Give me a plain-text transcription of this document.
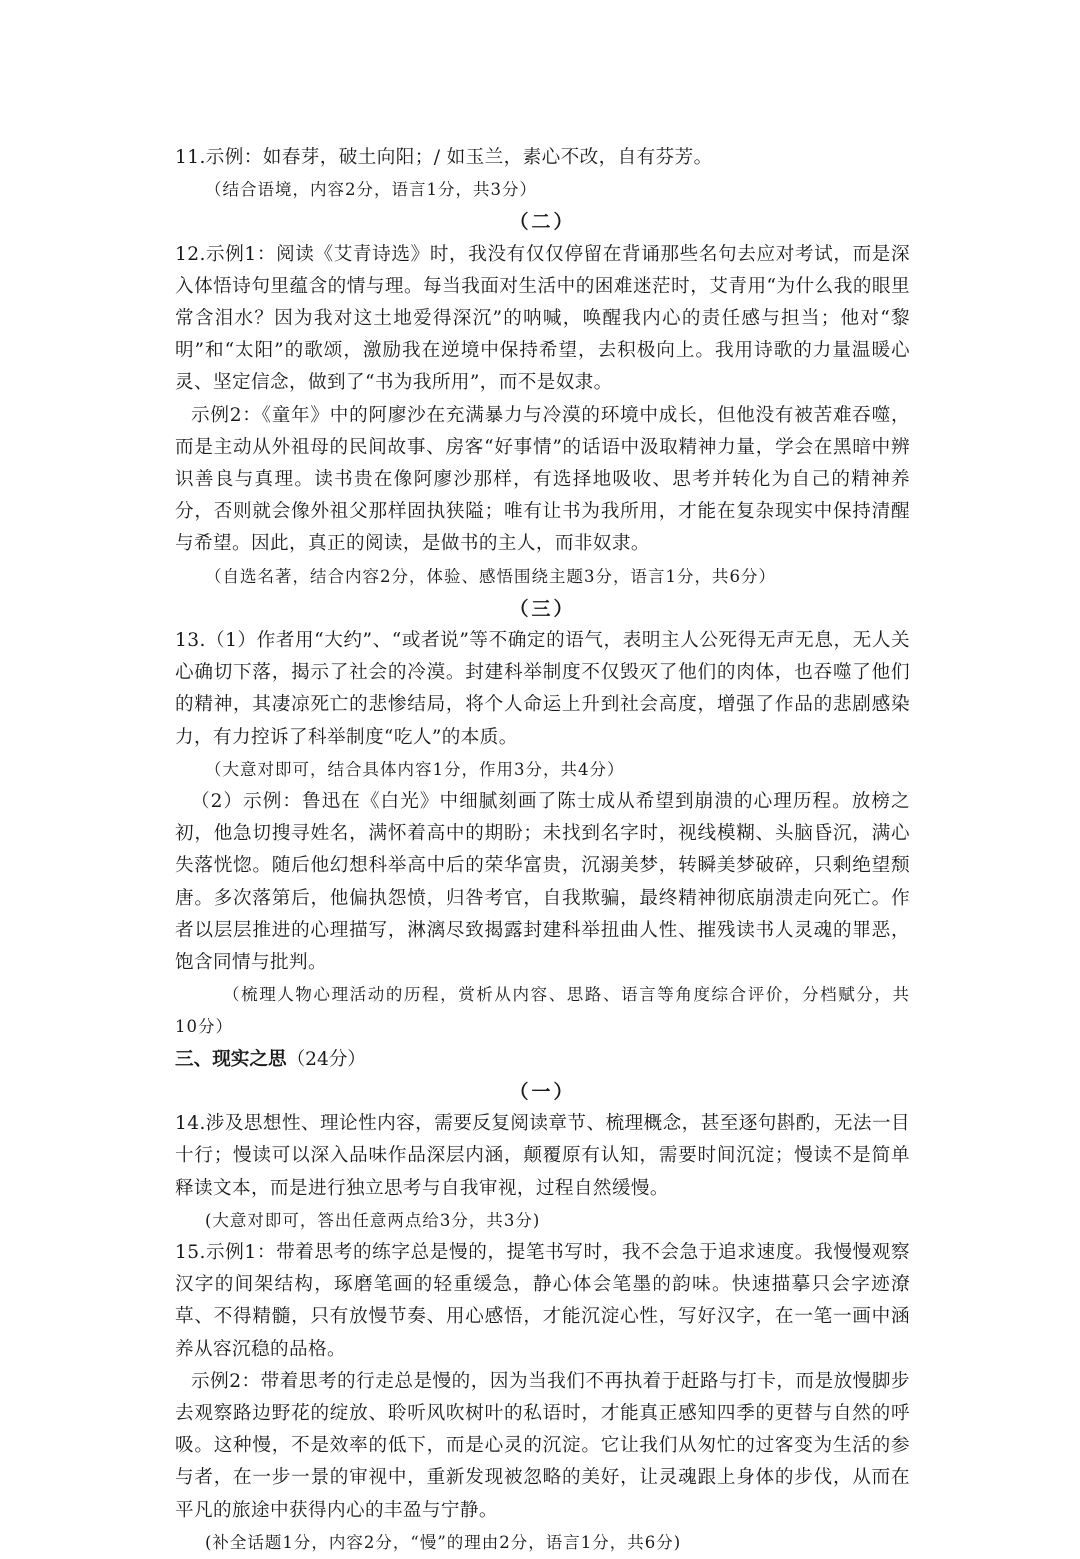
11.示例：如春芽，破土向阳；/ 如玉兰，素心不改，自有芬芳。

（结合语境，内容2分，语言1分，共3分）

（二）

12.示例1：阅读《艾青诗选》时，我没有仅仅停留在背诵那些名句去应对考试，而是深入体悟诗句里蕴含的情与理。每当我面对生活中的困难迷茫时，艾青用“为什么我的眼里常含泪水？因为我对这土地爱得深沉”的呐喊，唤醒我内心的责任感与担当；他对“黎明”和“太阳”的歌颂，激励我在逆境中保持希望，去积极向上。我用诗歌的力量温暖心灵、坚定信念，做到了“书为我所用”，而不是奴隶。

示例2：《童年》中的阿廖沙在充满暴力与冷漠的环境中成长，但他没有被苦难吞噬，而是主动从外祖母的民间故事、房客“好事情”的话语中汲取精神力量，学会在黑暗中辨识善良与真理。读书贵在像阿廖沙那样，有选择地吸收、思考并转化为自己的精神养分，否则就会像外祖父那样固执狭隘；唯有让书为我所用，才能在复杂现实中保持清醒与希望。因此，真正的阅读，是做书的主人，而非奴隶。

（自选名著，结合内容2分，体验、感悟围绕主题3分，语言1分，共6分）

（三）

13.（1）作者用“大约”、“或者说”等不确定的语气，表明主人公死得无声无息，无人关心确切下落，揭示了社会的冷漠。封建科举制度不仅毁灭了他们的肉体，也吞噬了他们的精神，其凄凉死亡的悲惨结局，将个人命运上升到社会高度，增强了作品的悲剧感染力，有力控诉了科举制度“吃人”的本质。

（大意对即可，结合具体内容1分，作用3分，共4分）

（2）示例：鲁迅在《白光》中细腻刻画了陈士成从希望到崩溃的心理历程。放榜之初，他急切搜寻姓名，满怀着高中的期盼；未找到名字时，视线模糊、头脑昏沉，满心失落恍惚。随后他幻想科举高中后的荣华富贵，沉溺美梦，转瞬美梦破碎，只剩绝望颓唐。多次落第后，他偏执怨愤，归咎考官，自我欺骗，最终精神彻底崩溃走向死亡。作者以层层推进的心理描写，淋漓尽致揭露封建科举扭曲人性、摧残读书人灵魂的罪恶，饱含同情与批判。

（梳理人物心理活动的历程，赏析从内容、思路、语言等角度综合评价，分档赋分，共10分）

三、现实之思（24分）

（一）

14.涉及思想性、理论性内容，需要反复阅读章节、梳理概念，甚至逐句斟酌，无法一目十行；慢读可以深入品味作品深层内涵，颠覆原有认知，需要时间沉淀；慢读不是简单释读文本，而是进行独立思考与自我审视，过程自然缓慢。

(大意对即可，答出任意两点给3分，共3分)

15.示例1：带着思考的练字总是慢的，提笔书写时，我不会急于追求速度。我慢慢观察汉字的间架结构，琢磨笔画的轻重缓急，静心体会笔墨的韵味。快速描摹只会字迹潦草、不得精髓，只有放慢节奏、用心感悟，才能沉淀心性，写好汉字，在一笔一画中涵养从容沉稳的品格。

示例2：带着思考的行走总是慢的，因为当我们不再执着于赶路与打卡，而是放慢脚步去观察路边野花的绽放、聆听风吹树叶的私语时，才能真正感知四季的更替与自然的呼吸。这种慢，不是效率的低下，而是心灵的沉淀。它让我们从匆忙的过客变为生活的参与者，在一步一景的审视中，重新发现被忽略的美好，让灵魂跟上身体的步伐，从而在平凡的旅途中获得内心的丰盈与宁静。

(补全话题1分，内容2分，“慢”的理由2分，语言1分，共6分)
